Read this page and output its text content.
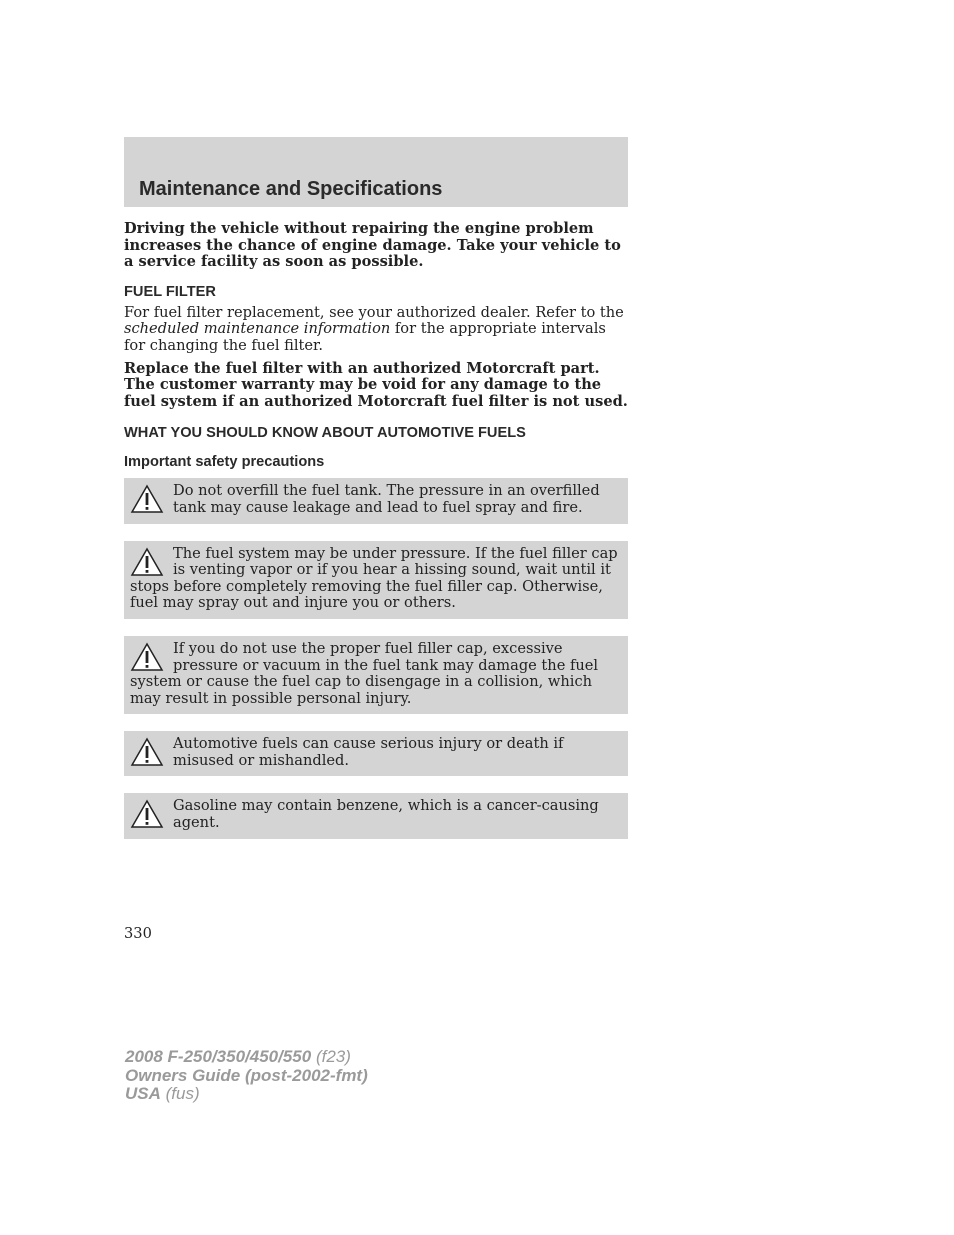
Maintenance and Specifications

Driving the vehicle without repairing the engine problem increases the chance of engine damage. Take your vehicle to a service facility as soon as possible.

FUEL FILTER

For fuel filter replacement, see your authorized dealer. Refer to the scheduled maintenance information for the appropriate intervals for changing the fuel filter.

Replace the fuel filter with an authorized Motorcraft part. The customer warranty may be void for any damage to the fuel system if an authorized Motorcraft fuel filter is not used.

WHAT YOU SHOULD KNOW ABOUT AUTOMOTIVE FUELS
Important safety precautions
Do not overfill the fuel tank. The pressure in an overfilled tank may cause leakage and lead to fuel spray and fire.
The fuel system may be under pressure. If the fuel filler cap is venting vapor or if you hear a hissing sound, wait until it stops before completely removing the fuel filler cap. Otherwise, fuel may spray out and injure you or others.
If you do not use the proper fuel filler cap, excessive pressure or vacuum in the fuel tank may damage the fuel system or cause the fuel cap to disengage in a collision, which may result in possible personal injury.
Automotive fuels can cause serious injury or death if misused or mishandled.
Gasoline may contain benzene, which is a cancer-causing agent.
330
2008 F-250/350/450/550 (f23)
Owners Guide (post-2002-fmt)
USA (fus)
